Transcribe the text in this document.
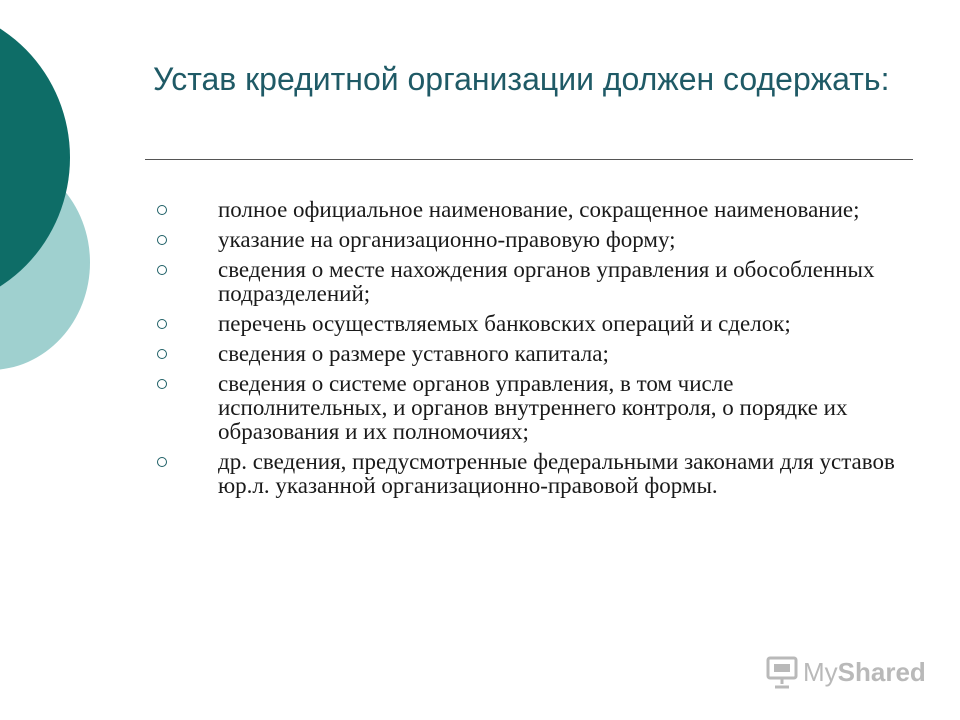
Устав кредитной организации должен содержать:
полное официальное наименование, сокращенное наименование;
указание на организационно-правовую форму;
сведения о месте нахождения органов управления и обособленных подразделений;
перечень осуществляемых банковских операций и сделок;
сведения о размере уставного капитала;
сведения о системе органов управления, в том числе исполнительных, и органов внутреннего контроля, о порядке их образования и их полномочиях;
др. сведения, предусмотренные федеральными законами для уставов юр.л. указанной организационно-правовой формы.
MyShared
